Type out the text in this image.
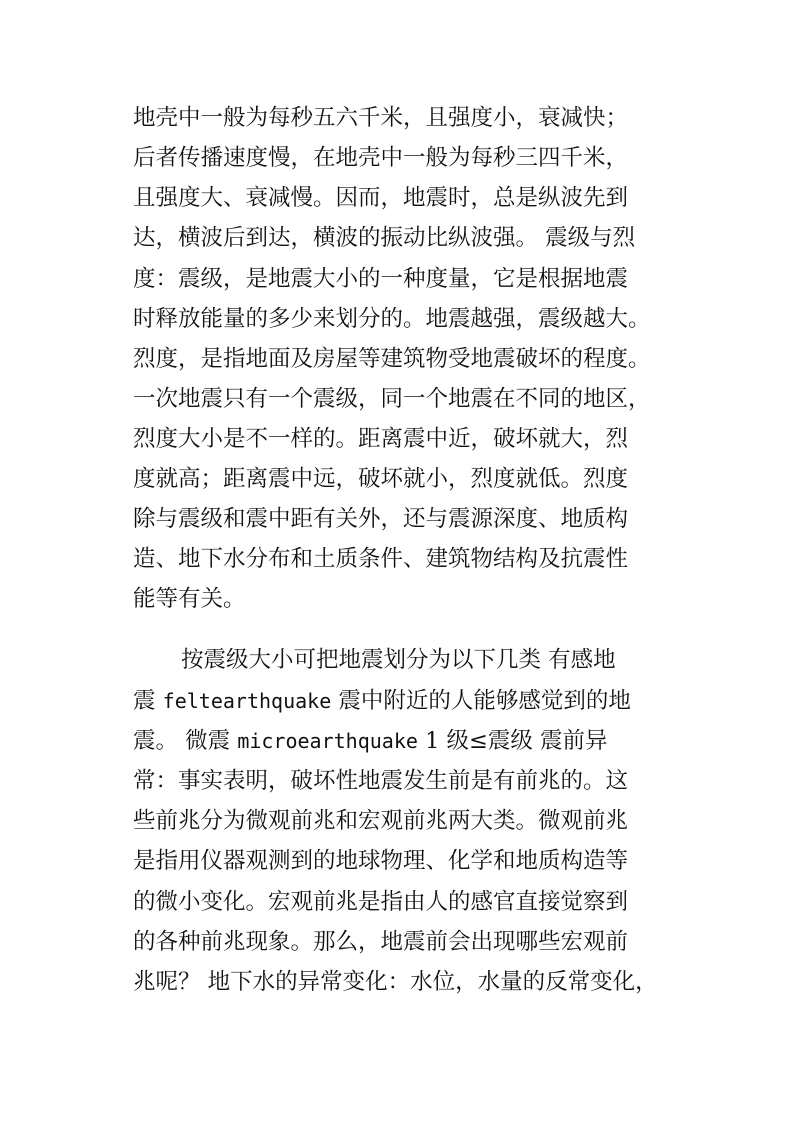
地壳中一般为每秒五六千米，且强度小，衰减快；
后者传播速度慢，在地壳中一般为每秒三四千米，
且强度大、衰减慢。因而，地震时，总是纵波先到
达，横波后到达，横波的振动比纵波强。 震级与烈
度：震级，是地震大小的一种度量，它是根据地震
时释放能量的多少来划分的。地震越强，震级越大。
烈度，是指地面及房屋等建筑物受地震破坏的程度。
一次地震只有一个震级，同一个地震在不同的地区，
烈度大小是不一样的。距离震中近，破坏就大，烈
度就高；距离震中远，破坏就小，烈度就低。烈度
除与震级和震中距有关外，还与震源深度、地质构
造、地下水分布和土质条件、建筑物结构及抗震性
能等有关。
按震级大小可把地震划分为以下几类 有感地
震 feltearthquake 震中附近的人能够感觉到的地
震。 微震 microearthquake 1 级≤震级 震前异
常：事实表明，破坏性地震发生前是有前兆的。这
些前兆分为微观前兆和宏观前兆两大类。微观前兆
是指用仪器观测到的地球物理、化学和地质构造等
的微小变化。宏观前兆是指由人的感官直接觉察到
的各种前兆现象。那么，地震前会出现哪些宏观前
兆呢？ 地下水的异常变化：水位，水量的反常变化，
